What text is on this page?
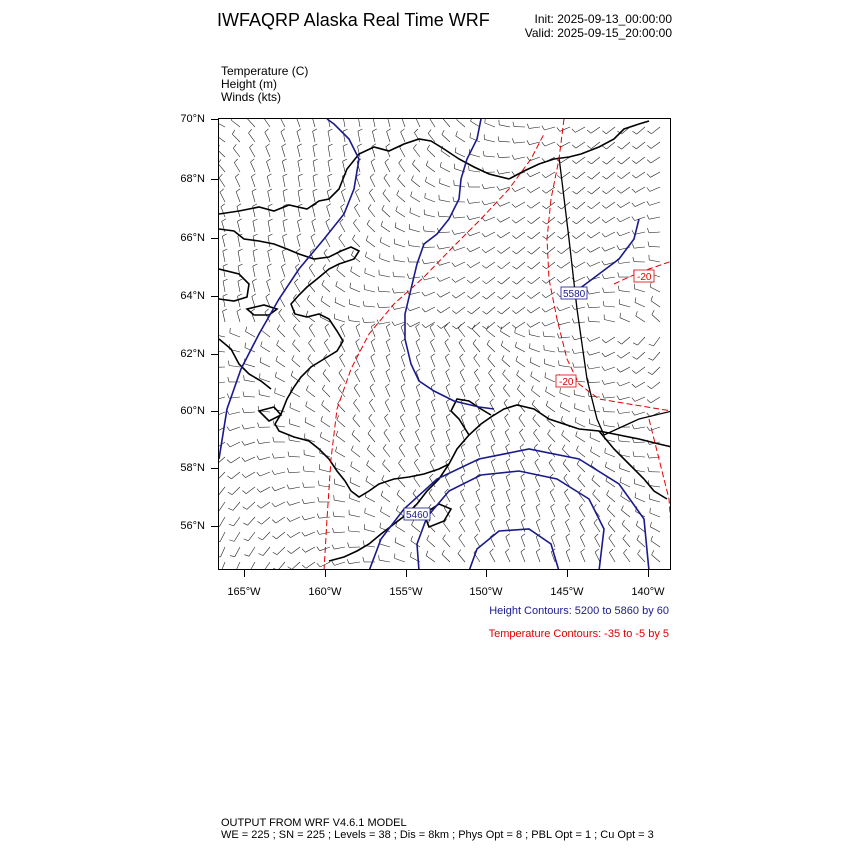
IWFAQRP Alaska Real Time WRF	Init: 2025-09-13_00:00:00
Valid: 2025-09-15_20:00:00
Temperature (C)
Height (m)
Winds (kts)
5580
5460
-20
-20
70°N
68°N
66°N
64°N
62°N
60°N
58°N
56°N
165°W	160°W	155°W	150°W	145°W	140°W
Height Contours: 5200 to 5860 by 60
Temperature Contours: -35 to -5 by 5
OUTPUT FROM WRF V4.6.1 MODEL
WE = 225 ; SN = 225 ; Levels = 38 ; Dis = 8km ; Phys Opt = 8 ; PBL Opt = 1 ; Cu Opt = 3
